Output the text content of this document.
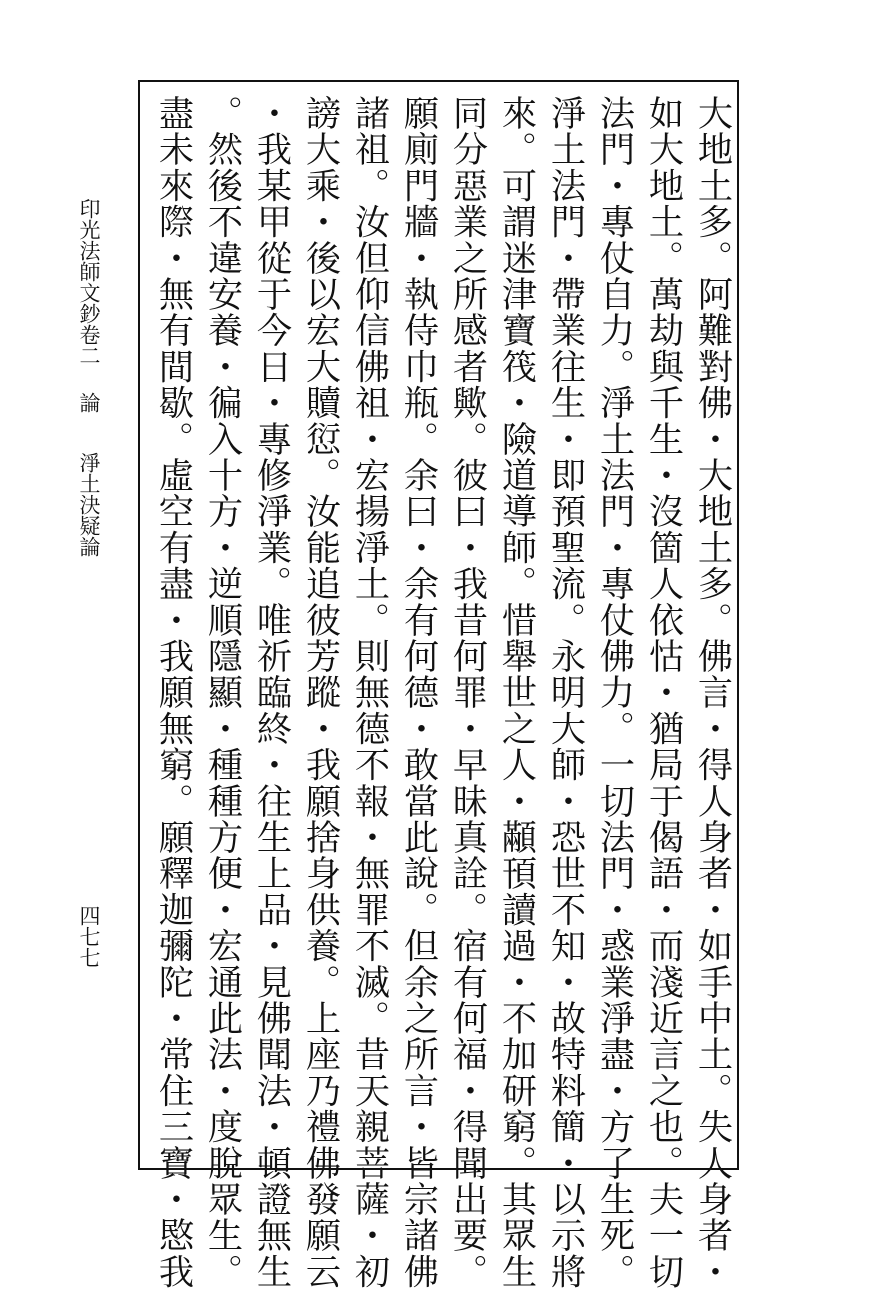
大地土多。阿難對佛・大地土多。佛言・得人身者・如手中土。失人身者・
如大地土。萬劫與千生・沒箇人依怙・猶局于偈語・而淺近言之也。夫一切
法門・專仗自力。淨土法門・專仗佛力。一切法門・惑業淨盡・方了生死。
淨土法門・帶業往生・即預聖流。永明大師・恐世不知・故特料簡・以示將
來。可謂迷津寶筏・險道導師。惜舉世之人・顢頇讀過・不加研窮。其眾生
同分惡業之所感者歟。彼曰・我昔何罪・早昧真詮。宿有何福・得聞出要。
願廁門牆・執侍巾瓶。余曰・余有何德・敢當此說。但余之所言・皆宗諸佛
諸祖。汝但仰信佛祖・宏揚淨土。則無德不報・無罪不滅。昔天親菩薩・初
謗大乘・後以宏大贖愆。汝能追彼芳蹤・我願捨身供養。上座乃禮佛發願云
・我某甲從于今日・專修淨業。唯祈臨終・往生上品・見佛聞法・頓證無生
。然後不違安養・徧入十方・逆順隱顯・種種方便・宏通此法・度脫眾生。
盡未來際・無有間歇。虛空有盡・我願無窮。願釋迦彌陀・常住三寶・愍我
印光法師文鈔卷二
論
淨土決疑論
四七七
